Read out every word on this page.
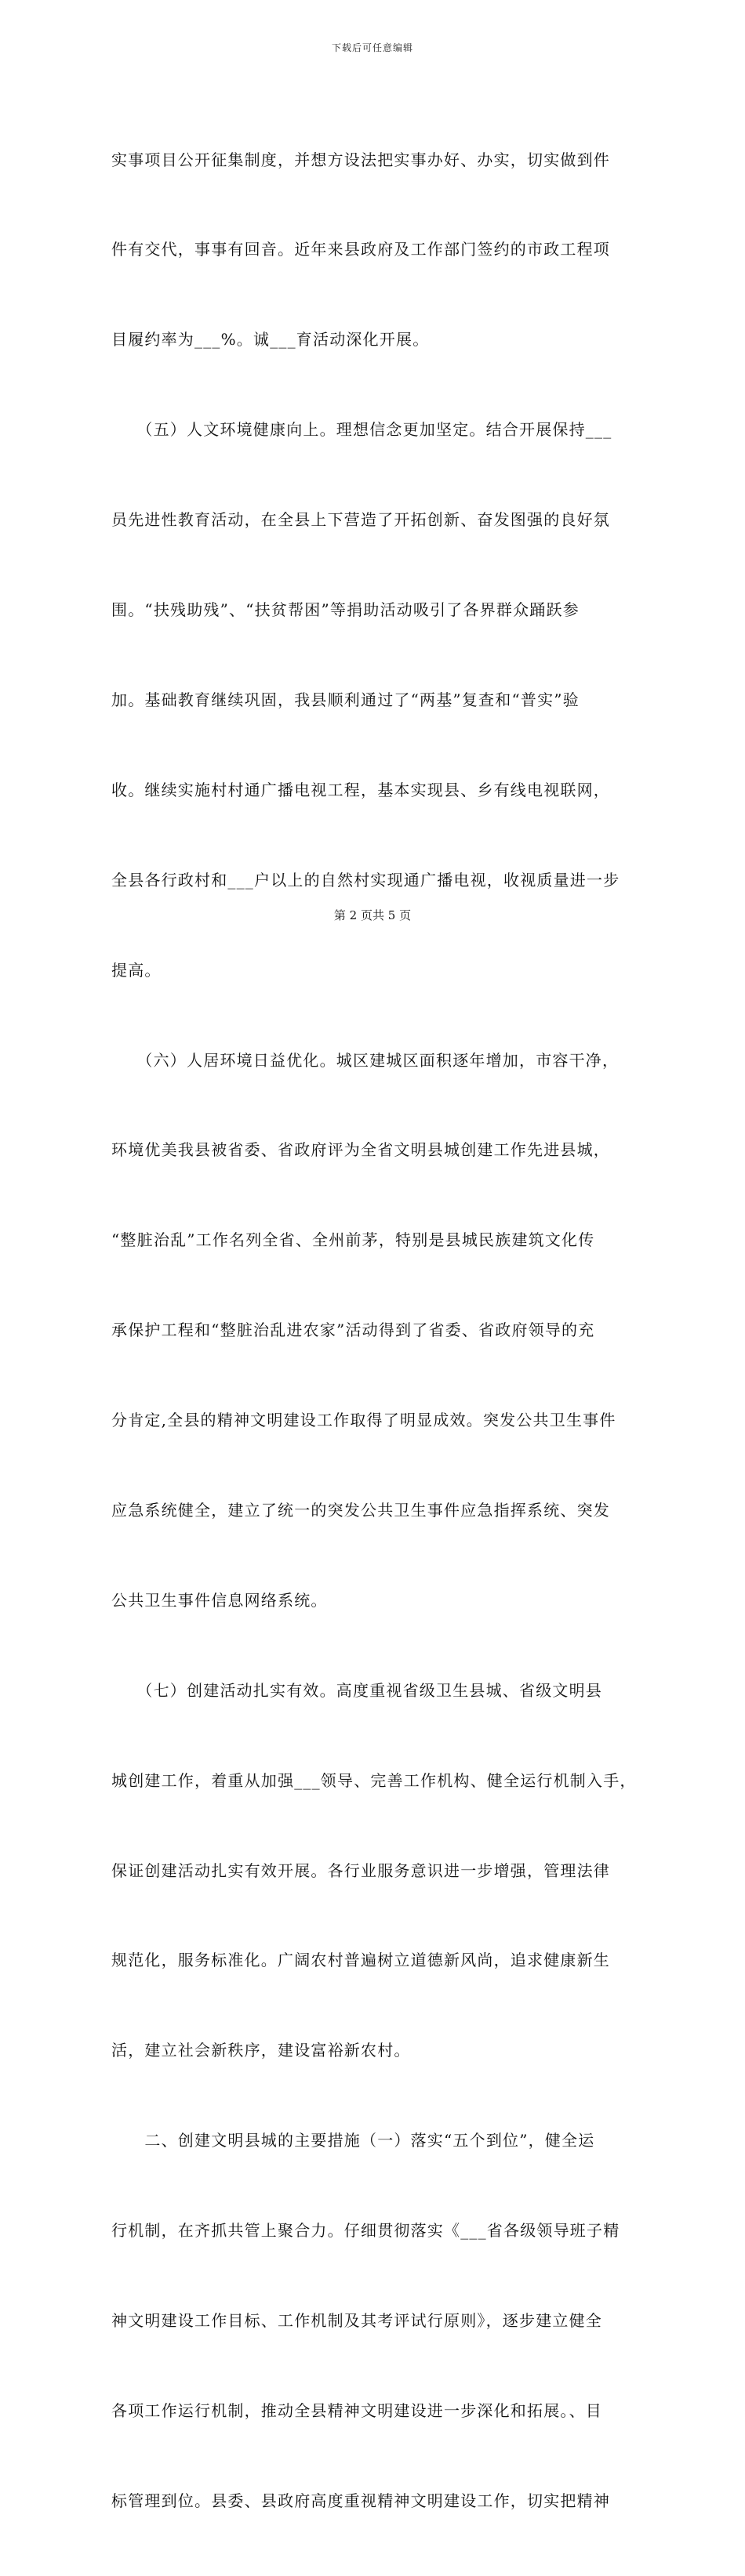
下载后可任意编辑

实事项目公开征集制度，并想方设法把实事办好、办实，切实做到件

件有交代，事事有回音。近年来县政府及工作部门签约的市政工程项

目履约率为___%。诚___育活动深化开展。

　　（五）人文环境健康向上。理想信念更加坚定。结合开展保持___

员先进性教育活动，在全县上下营造了开拓创新、奋发图强的良好氛

围。“扶残助残”、“扶贫帮困”等捐助活动吸引了各界群众踊跃参

加。基础教育继续巩固，我县顺利通过了“两基”复查和“普实”验

收。继续实施村村通广播电视工程，基本实现县、乡有线电视联网，

全县各行政村和___户以上的自然村实现通广播电视，收视质量进一步

提高。

　　（六）人居环境日益优化。城区建城区面积逐年增加，市容干净，

环境优美我县被省委、省政府评为全省文明县城创建工作先进县城，

“整脏治乱”工作名列全省、全州前茅，特别是县城民族建筑文化传

承保护工程和“整脏治乱进农家”活动得到了省委、省政府领导的充

分肯定,全县的精神文明建设工作取得了明显成效。突发公共卫生事件

应急系统健全，建立了统一的突发公共卫生事件应急指挥系统、突发

公共卫生事件信息网络系统。

　　（七）创建活动扎实有效。高度重视省级卫生县城、省级文明县

城创建工作，着重从加强___领导、完善工作机构、健全运行机制入手，

保证创建活动扎实有效开展。各行业服务意识进一步增强，管理法律

规范化，服务标准化。广阔农村普遍树立道德新风尚，追求健康新生

活，建立社会新秩序，建设富裕新农村。

　　二、创建文明县城的主要措施（一）落实“五个到位”，健全运

行机制，在齐抓共管上聚合力。仔细贯彻落实《___省各级领导班子精

神文明建设工作目标、工作机制及其考评试行原则》，逐步建立健全

各项工作运行机制，推动全县精神文明建设进一步深化和拓展。、目

标管理到位。县委、县政府高度重视精神文明建设工作，切实把精神

第 2 页共 5 页
